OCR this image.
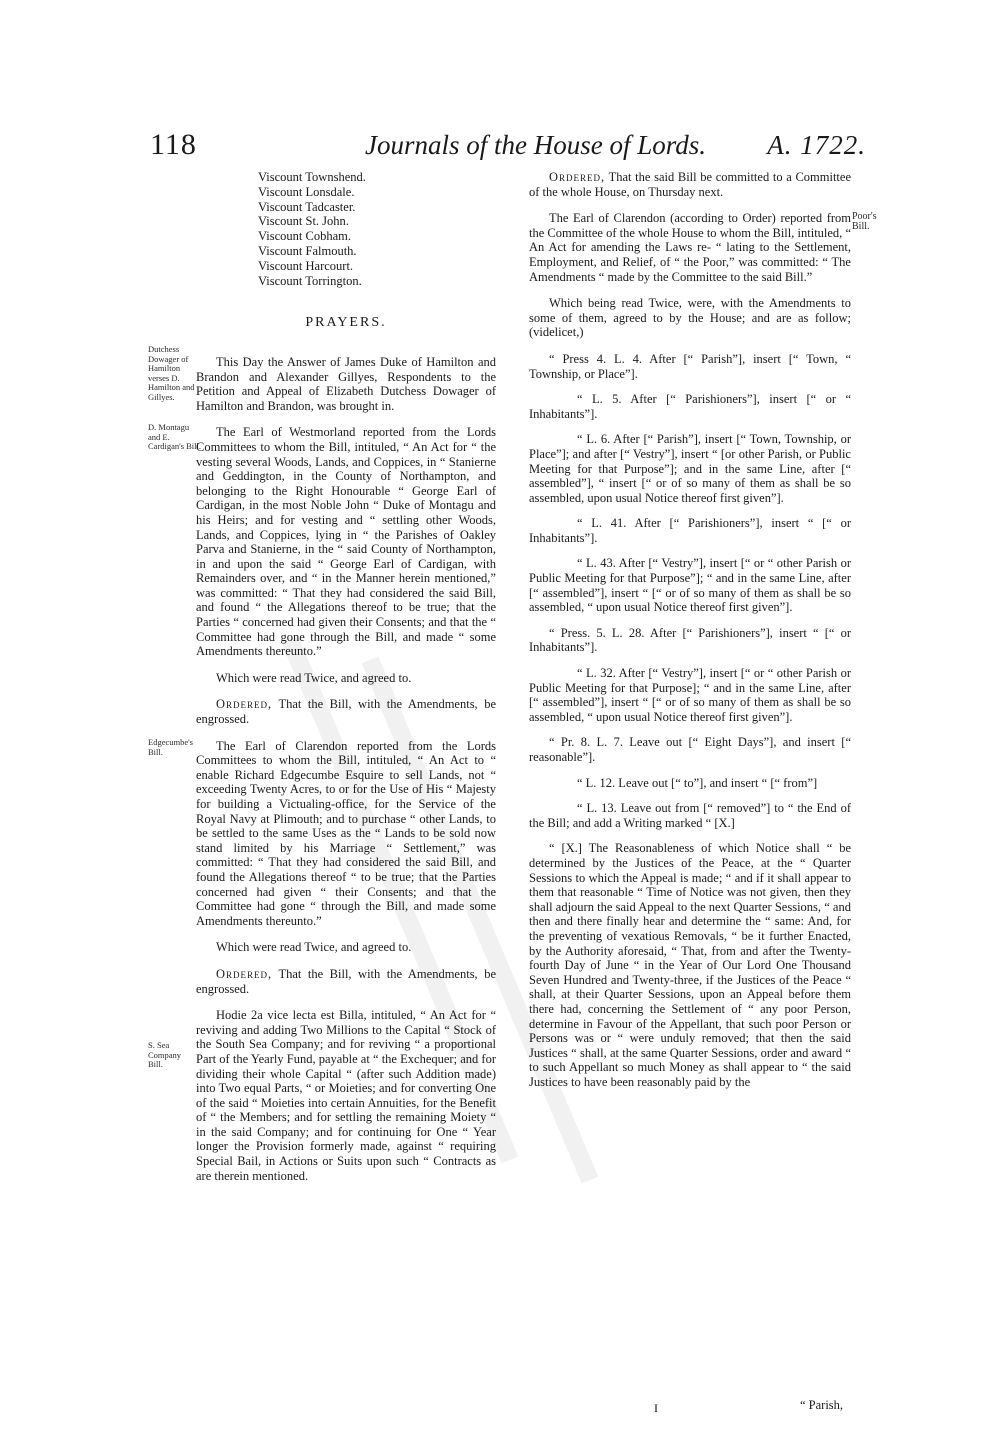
118	Journals of the House of Lords. A. 1722.
Dutchess Dowager of Hamilton verses D. Hamilton and Gillyes.
D. Montagu and E. Cardigan's Bill.
Edgecumbe's Bill.
S. Sea Company Bill.
Poor's Bill.
Viscount Townshend.
Viscount Lonsdale.
Viscount Tadcaster.
Viscount St. John.
Viscount Cobham.
Viscount Falmouth.
Viscount Harcourt.
Viscount Torrington.
PRAYERS.

This Day the Answer of James Duke of Hamilton and Brandon and Alexander Gillyes, Respondents to the Petition and Appeal of Elizabeth Dutchess Dowager of Hamilton and Brandon, was brought in.

The Earl of Westmorland reported from the Lords Committees to whom the Bill, intituled, “ An Act for “ the vesting several Woods, Lands, and Coppices, in “ Stanierne and Geddington, in the County of Northampton, and belonging to the Right Honourable “ George Earl of Cardigan, in the most Noble John “ Duke of Montagu and his Heirs; and for vesting and “ settling other Woods, Lands, and Coppices, lying in “ the Parishes of Oakley Parva and Stanierne, in the “ said County of Northampton, in and upon the said “ George Earl of Cardigan, with Remainders over, and “ in the Manner herein mentioned,” was committed: “ That they had considered the said Bill, and found “ the Allegations thereof to be true; that the Parties “ concerned had given their Consents; and that the “ Committee had gone through the Bill, and made “ some Amendments thereunto.”

Which were read Twice, and agreed to.

Ordered, That the Bill, with the Amendments, be engrossed.

The Earl of Clarendon reported from the Lords Committees to whom the Bill, intituled, “ An Act to “ enable Richard Edgecumbe Esquire to sell Lands, not “ exceeding Twenty Acres, to or for the Use of His “ Majesty for building a Victualing-office, for the Service of the Royal Navy at Plimouth; and to purchase “ other Lands, to be settled to the same Uses as the “ Lands to be sold now stand limited by his Marriage “ Settlement,” was committed: “ That they had considered the said Bill, and found the Allegations thereof “ to be true; that the Parties concerned had given “ their Consents; and that the Committee had gone “ through the Bill, and made some Amendments thereunto.”

Which were read Twice, and agreed to.

Ordered, That the Bill, with the Amendments, be engrossed.

Hodie 2a vice lecta est Billa, intituled, “ An Act for “ reviving and adding Two Millions to the Capital “ Stock of the South Sea Company; and for reviving “ a proportional Part of the Yearly Fund, payable at “ the Exchequer; and for dividing their whole Capital “ (after such Addition made) into Two equal Parts, “ or Moieties; and for converting One of the said “ Moieties into certain Annuities, for the Benefit of “ the Members; and for settling the remaining Moiety “ in the said Company; and for continuing for One “ Year longer the Provision formerly made, against “ requiring Special Bail, in Actions or Suits upon such “ Contracts as are therein mentioned.

Ordered, That the said Bill be committed to a Committee of the whole House, on Thursday next.

The Earl of Clarendon (according to Order) reported from the Committee of the whole House to whom the Bill, intituled, “ An Act for amending the Laws re- “ lating to the Settlement, Employment, and Relief, of “ the Poor,” was committed: “ The Amendments “ made by the Committee to the said Bill.”

Which being read Twice, were, with the Amendments to some of them, agreed to by the House; and are as follow; (videlicet,)

“ Press 4. L. 4. After [“ Parish”], insert [“ Town, “ Township, or Place”].

“ L. 5. After [“ Parishioners”], insert [“ or “ Inhabitants”].

“ L. 6. After [“ Parish”], insert [“ Town, Township, or Place”]; and after [“ Vestry”], insert “ [or other Parish, or Public Meeting for that Purpose”]; and in the same Line, after [“ assembled”], “ insert [“ or of so many of them as shall be so assembled, upon usual Notice thereof first given”].

“ L. 41. After [“ Parishioners”], insert “ [“ or Inhabitants”].

“ L. 43. After [“ Vestry”], insert [“ or “ other Parish or Public Meeting for that Purpose”]; “ and in the same Line, after [“ assembled”], insert “ [“ or of so many of them as shall be so assembled, “ upon usual Notice thereof first given”].

“ Press. 5. L. 28. After [“ Parishioners”], insert “ [“ or Inhabitants”].

“ L. 32. After [“ Vestry”], insert [“ or “ other Parish or Public Meeting for that Purpose]; “ and in the same Line, after [“ assembled”], insert “ [“ or of so many of them as shall be so assembled, “ upon usual Notice thereof first given”].

“ Pr. 8. L. 7. Leave out [“ Eight Days”], and insert [“ reasonable”].

“ L. 12. Leave out [“ to”], and insert “ [“ from”]

“ L. 13. Leave out from [“ removed”] to “ the End of the Bill; and add a Writing marked “ [X.]

“ [X.] The Reasonableness of which Notice shall “ be determined by the Justices of the Peace, at the “ Quarter Sessions to which the Appeal is made; “ and if it shall appear to them that reasonable “ Time of Notice was not given, then they shall adjourn the said Appeal to the next Quarter Sessions, “ and then and there finally hear and determine the “ same: And, for the preventing of vexatious Removals, “ be it further Enacted, by the Authority aforesaid, “ That, from and after the Twenty-fourth Day of June “ in the Year of Our Lord One Thousand Seven Hundred and Twenty-three, if the Justices of the Peace “ shall, at their Quarter Sessions, upon an Appeal before them there had, concerning the Settlement of “ any poor Person, determine in Favour of the Appellant, that such poor Person or Persons was or “ were unduly removed; that then the said Justices “ shall, at the same Quarter Sessions, order and award “ to such Appellant so much Money as shall appear to “ the said Justices to have been reasonably paid by the

I	“ Parish,
